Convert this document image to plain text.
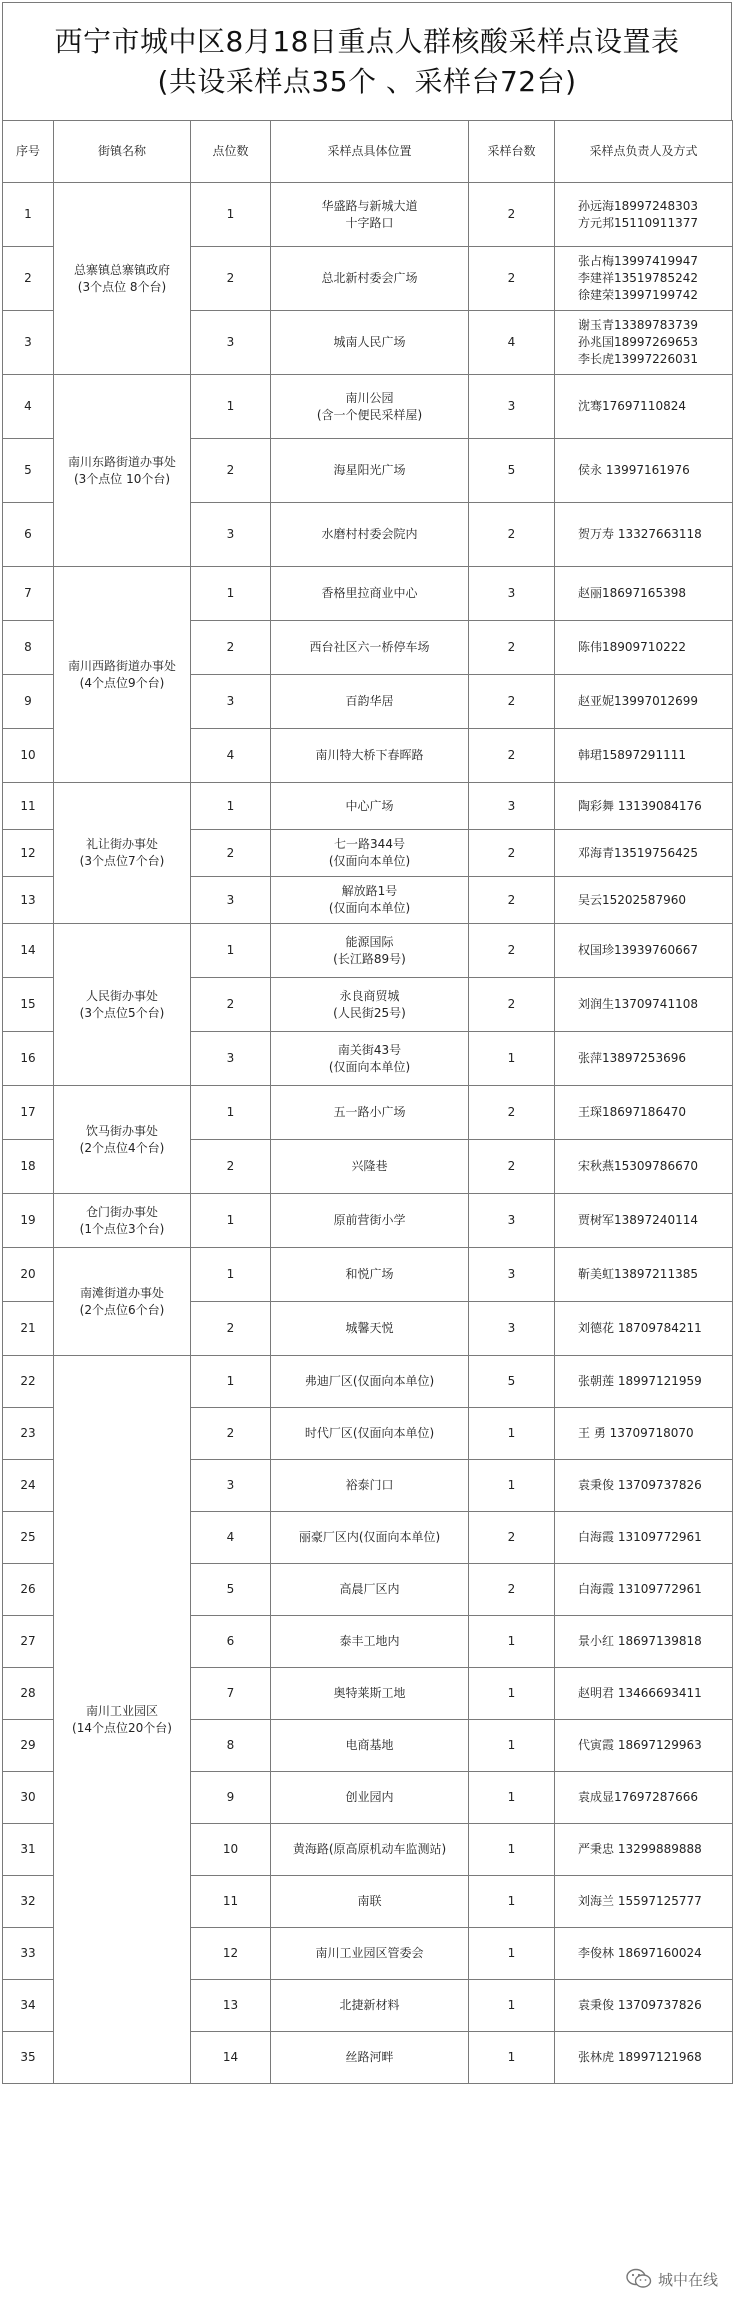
西宁市城中区8月18日重点人群核酸采样点设置表
(共设采样点35个 、采样台72台)
序号	街镇名称	点位数	采样点具体位置	采样台数	采样点负责人及方式
1	总寨镇总寨镇政府
(3个点位 8个台)	1	华盛路与新城大道
十字路口	2	孙远海18997248303
方元邦15110911377

2		2	总北新村委会广场	2	张占梅13997419947
李建祥13519785242
徐建荣13997199742

3		3	城南人民广场	4	谢玉青13389783739
孙兆国18997269653
李长虎13997226031

4	南川东路街道办事处
(3个点位 10个台)	1	南川公园
(含一个便民采样屋)	3	沈骞17697110824

5		2	海星阳光广场	5	侯永 13997161976

6		3	水磨村村委会院内	2	贺万寿 13327663118

7	南川西路街道办事处
(4个点位9个台)	1	香格里拉商业中心	3	赵丽18697165398

8		2	西台社区六一桥停车场	2	陈伟18909710222

9		3	百韵华居	2	赵亚妮13997012699

10		4	南川特大桥下春晖路	2	韩珺15897291111

11	礼让街办事处
(3个点位7个台)	1	中心广场	3	陶彩舞 13139084176

12		2	七一路344号
(仅面向本单位)	2	邓海青13519756425

13		3	解放路1号
(仅面向本单位)	2	吴云15202587960

14	人民街办事处
(3个点位5个台)	1	能源国际
(长江路89号)	2	权国珍13939760667

15		2	永良商贸城
(人民街25号)	2	刘润生13709741108

16		3	南关街43号
(仅面向本单位)	1	张萍13897253696

17	饮马街办事处
(2个点位4个台)	1	五一路小广场	2	王琛18697186470

18		2	兴隆巷	2	宋秋燕15309786670

19	仓门街办事处
(1个点位3个台)	1	原前营街小学	3	贾树军13897240114

20	南滩街道办事处
(2个点位6个台)	1	和悦广场	3	靳美虹13897211385

21		2	城馨天悦	3	刘德花 18709784211

22	南川工业园区
(14个点位20个台)	1	弗迪厂区(仅面向本单位)	5	张朝莲 18997121959

23		2	时代厂区(仅面向本单位)	1	王 勇 13709718070

24		3	裕泰门口	1	袁秉俊 13709737826

25		4	丽豪厂区内(仅面向本单位)	2	白海霞 13109772961

26		5	高晨厂区内	2	白海霞 13109772961

27		6	泰丰工地内	1	景小红 18697139818

28		7	奥特莱斯工地	1	赵明君 13466693411

29		8	电商基地	1	代寅霞 18697129963

30		9	创业园内	1	袁成显17697287666

31		10	黄海路(原高原机动车监测站)	1	严秉忠 13299889888

32		11	南联	1	刘海兰 15597125777

33		12	南川工业园区管委会	1	李俊林 18697160024

34		13	北捷新材料	1	袁秉俊 13709737826

35		14	丝路河畔	1	张林虎 18997121968
城中在线
